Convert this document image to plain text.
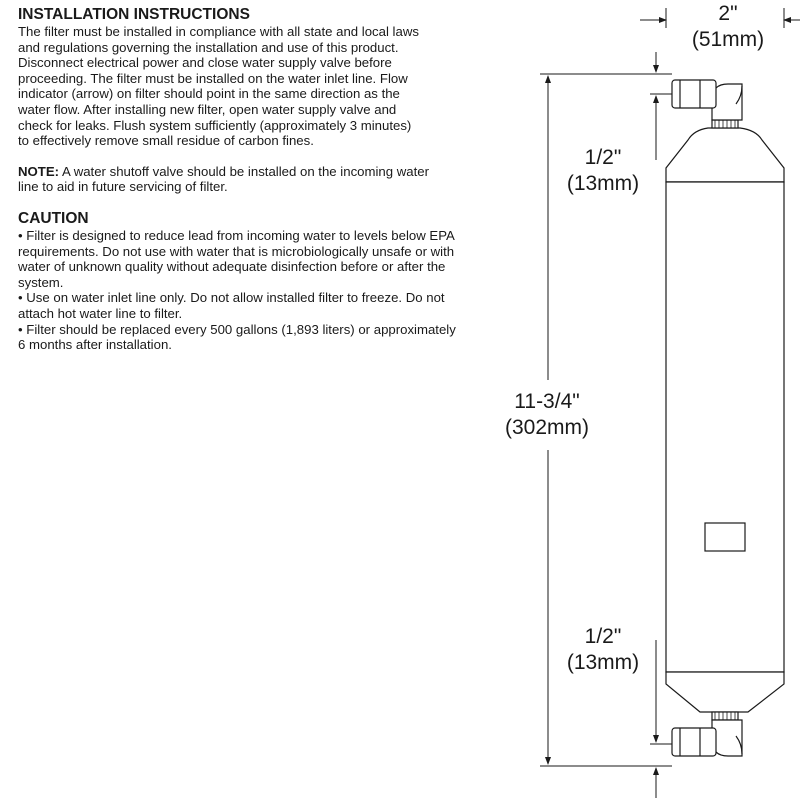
INSTALLATION INSTRUCTIONS

The filter must be installed in compliance with all state and local laws

and regulations governing the installation and use of this product.

Disconnect electrical power and close water supply valve before

proceeding. The filter must be installed on the water inlet line. Flow

indicator (arrow) on filter should point in the same direction as the

water flow. After installing new filter, open water supply valve and

check for leaks. Flush system sufficiently (approximately 3 minutes)

to effectively remove small residue of carbon fines.

NOTE: A water shutoff valve should be installed on the incoming water

line to aid in future servicing of filter.

CAUTION

• Filter is designed to reduce lead from incoming water to levels below EPA
requirements. Do not use with water that is microbiologically unsafe or with
water of unknown quality without adequate disinfection before or after the
system.
• Use on water inlet line only. Do not allow installed filter to freeze. Do not
attach hot water line to filter.
• Filter should be replaced every 500 gallons (1,893 liters) or approximately
6 months after installation.
2"
(51mm)
11-3/4"
(302mm)
1/2"
(13mm)
1/2"
(13mm)
